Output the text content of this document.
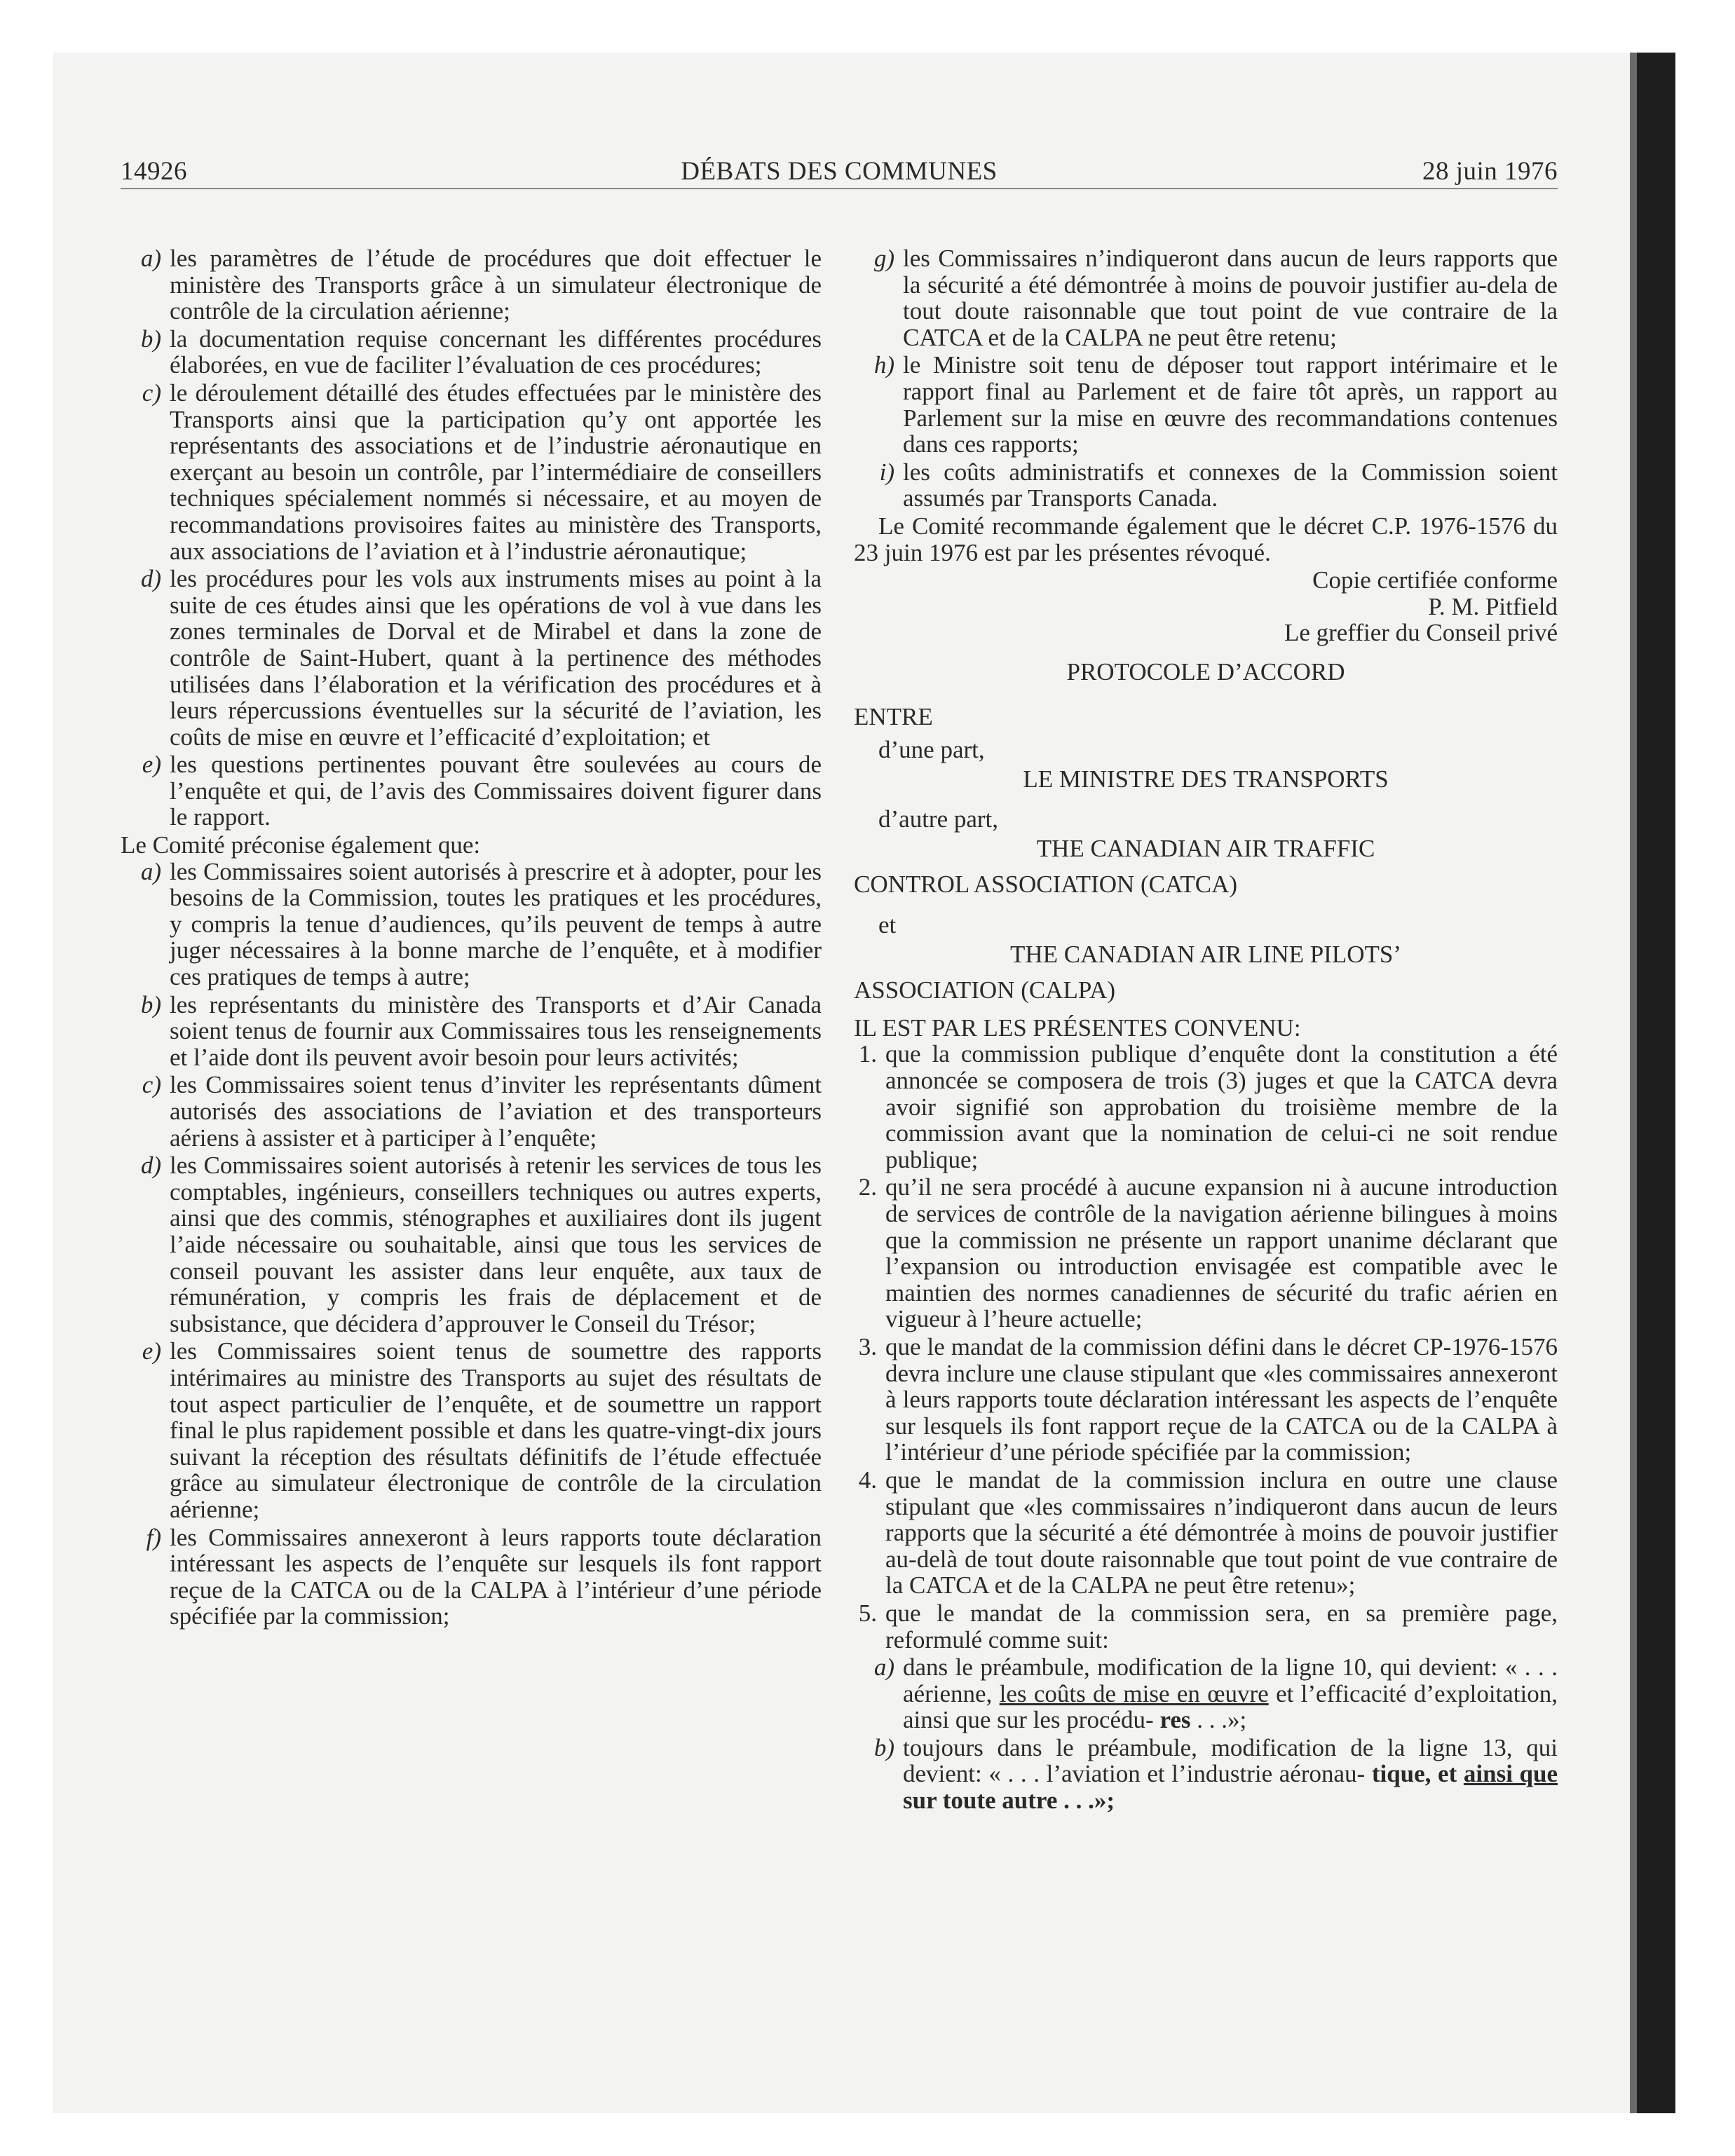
14926	DÉBATS DES COMMUNES	28 juin 1976
a) les paramètres de l’étude de procédures que doit effectuer le ministère des Transports grâce à un simulateur électronique de contrôle de la circulation aérienne;
b) la documentation requise concernant les différentes procédures élaborées, en vue de faciliter l’évaluation de ces procédures;
c) le déroulement détaillé des études effectuées par le ministère des Transports ainsi que la participation qu’y ont apportée les représentants des associations et de l’industrie aéronautique en exerçant au besoin un contrôle, par l’intermédiaire de conseillers techniques spécialement nommés si nécessaire, et au moyen de recommandations provisoires faites au ministère des Transports, aux associations de l’aviation et à l’industrie aéronautique;
d) les procédures pour les vols aux instruments mises au point à la suite de ces études ainsi que les opérations de vol à vue dans les zones terminales de Dorval et de Mirabel et dans la zone de contrôle de Saint-Hubert, quant à la pertinence des méthodes utilisées dans l’élaboration et la vérification des procédures et à leurs répercussions éventuelles sur la sécurité de l’aviation, les coûts de mise en œuvre et l’efficacité d’exploitation; et
e) les questions pertinentes pouvant être soulevées au cours de l’enquête et qui, de l’avis des Commissaires doivent figurer dans le rapport.

Le Comité préconise également que:

a) les Commissaires soient autorisés à prescrire et à adopter, pour les besoins de la Commission, toutes les pratiques et les procédures, y compris la tenue d’audiences, qu’ils peuvent de temps à autre juger nécessaires à la bonne marche de l’enquête, et à modifier ces pratiques de temps à autre;
b) les représentants du ministère des Transports et d’Air Canada soient tenus de fournir aux Commissaires tous les renseignements et l’aide dont ils peuvent avoir besoin pour leurs activités;
c) les Commissaires soient tenus d’inviter les représentants dûment autorisés des associations de l’aviation et des transporteurs aériens à assister et à participer à l’enquête;
d) les Commissaires soient autorisés à retenir les services de tous les comptables, ingénieurs, conseillers techniques ou autres experts, ainsi que des commis, sténographes et auxiliaires dont ils jugent l’aide nécessaire ou souhaitable, ainsi que tous les services de conseil pouvant les assister dans leur enquête, aux taux de rémunération, y compris les frais de déplacement et de subsistance, que décidera d’approuver le Conseil du Trésor;
e) les Commissaires soient tenus de soumettre des rapports intérimaires au ministre des Transports au sujet des résultats de tout aspect particulier de l’enquête, et de soumettre un rapport final le plus rapidement possible et dans les quatre-vingt-dix jours suivant la réception des résultats définitifs de l’étude effectuée grâce au simulateur électronique de contrôle de la circulation aérienne;
f) les Commissaires annexeront à leurs rapports toute déclaration intéressant les aspects de l’enquête sur lesquels ils font rapport reçue de la CATCA ou de la CALPA à l’intérieur d’une période spécifiée par la commission;
g) les Commissaires n’indiqueront dans aucun de leurs rapports que la sécurité a été démontrée à moins de pouvoir justifier au-dela de tout doute raisonnable que tout point de vue contraire de la CATCA et de la CALPA ne peut être retenu;
h) le Ministre soit tenu de déposer tout rapport intérimaire et le rapport final au Parlement et de faire tôt après, un rapport au Parlement sur la mise en œuvre des recommandations contenues dans ces rapports;
i) les coûts administratifs et connexes de la Commission soient assumés par Transports Canada.

Le Comité recommande également que le décret C.P. 1976-1576 du 23 juin 1976 est par les présentes révoqué.

Copie certifiée conforme

P. M. Pitfield

Le greffier du Conseil privé

PROTOCOLE D’ACCORD

ENTRE

d’une part,

LE MINISTRE DES TRANSPORTS

d’autre part,

THE CANADIAN AIR TRAFFIC

CONTROL ASSOCIATION (CATCA)

et

THE CANADIAN AIR LINE PILOTS’

ASSOCIATION (CALPA)

IL EST PAR LES PRÉSENTES CONVENU:

1. que la commission publique d’enquête dont la constitution a été annoncée se composera de trois (3) juges et que la CATCA devra avoir signifié son approbation du troisième membre de la commission avant que la nomination de celui-ci ne soit rendue publique;
2. qu’il ne sera procédé à aucune expansion ni à aucune introduction de services de contrôle de la navigation aérienne bilingues à moins que la commission ne présente un rapport unanime déclarant que l’expansion ou introduction envisagée est compatible avec le maintien des normes canadiennes de sécurité du trafic aérien en vigueur à l’heure actuelle;
3. que le mandat de la commission défini dans le décret CP-1976-1576 devra inclure une clause stipulant que «les commissaires annexeront à leurs rapports toute déclaration intéressant les aspects de l’enquête sur lesquels ils font rapport reçue de la CATCA ou de la CALPA à l’intérieur d’une période spécifiée par la commission;
4. que le mandat de la commission inclura en outre une clause stipulant que «les commissaires n’indiqueront dans aucun de leurs rapports que la sécurité a été démontrée à moins de pouvoir justifier au-delà de tout doute raisonnable que tout point de vue contraire de la CATCA et de la CALPA ne peut être retenu»;
5. que le mandat de la commission sera, en sa première page, reformulé comme suit:
a) dans le préambule, modification de la ligne 10, qui devient: « . . . aérienne, les coûts de mise en œuvre et l’efficacité d’exploitation, ainsi que sur les procédu- res . . .»;
b) toujours dans le préambule, modification de la ligne 13, qui devient: « . . . l’aviation et l’industrie aéronau- tique, et ainsi que sur toute autre . . .»;
